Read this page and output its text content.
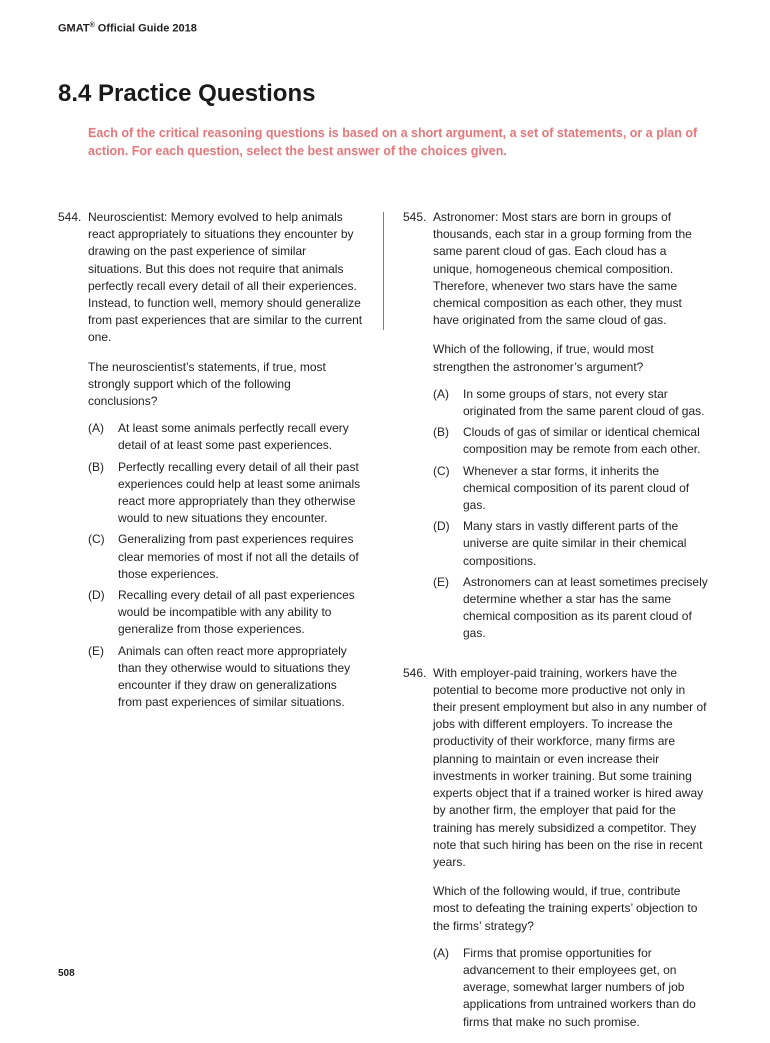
GMAT® Official Guide 2018
8.4 Practice Questions

Each of the critical reasoning questions is based on a short argument, a set of statements, or a plan of action. For each question, select the best answer of the choices given.

544. Neuroscientist: Memory evolved to help animals react appropriately to situations they encounter by drawing on the past experience of similar situations. But this does not require that animals perfectly recall every detail of all their experiences. Instead, to function well, memory should generalize from past experiences that are similar to the current one.
The neuroscientist’s statements, if true, most strongly support which of the following conclusions?
(A)	At least some animals perfectly recall every detail of at least some past experiences.
(B)	Perfectly recalling every detail of all their past experiences could help at least some animals react more appropriately than they otherwise would to new situations they encounter.
(C)	Generalizing from past experiences requires clear memories of most if not all the details of those experiences.
(D)	Recalling every detail of all past experiences would be incompatible with any ability to generalize from those experiences.
(E)	Animals can often react more appropriately than they otherwise would to situations they encounter if they draw on generalizations from past experiences of similar situations.
545. Astronomer: Most stars are born in groups of thousands, each star in a group forming from the same parent cloud of gas. Each cloud has a unique, homogeneous chemical composition. Therefore, whenever two stars have the same chemical composition as each other, they must have originated from the same cloud of gas.
Which of the following, if true, would most strengthen the astronomer’s argument?
(A)	In some groups of stars, not every star originated from the same parent cloud of gas.
(B)	Clouds of gas of similar or identical chemical composition may be remote from each other.
(C)	Whenever a star forms, it inherits the chemical composition of its parent cloud of gas.
(D)	Many stars in vastly different parts of the universe are quite similar in their chemical compositions.
(E)	Astronomers can at least sometimes precisely determine whether a star has the same chemical composition as its parent cloud of gas.
546. With employer-paid training, workers have the potential to become more productive not only in their present employment but also in any number of jobs with different employers. To increase the productivity of their workforce, many firms are planning to maintain or even increase their investments in worker training. But some training experts object that if a trained worker is hired away by another firm, the employer that paid for the training has merely subsidized a competitor. They note that such hiring has been on the rise in recent years.
Which of the following would, if true, contribute most to defeating the training experts’ objection to the firms’ strategy?
(A)	Firms that promise opportunities for advancement to their employees get, on average, somewhat larger numbers of job applications from untrained workers than do firms that make no such promise.
508
